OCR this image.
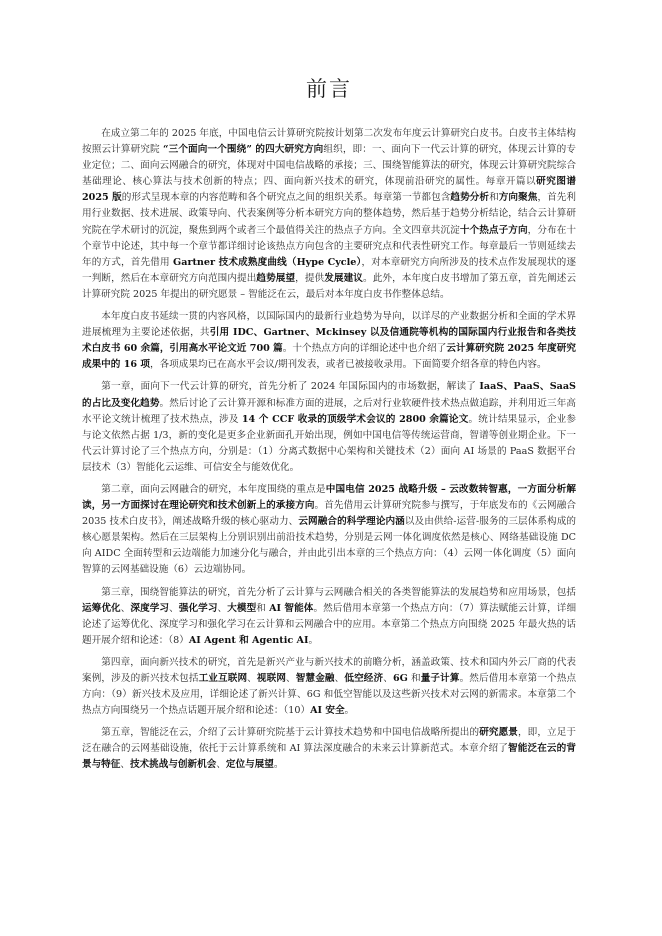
前言

在成立第二年的 2025 年底，中国电信云计算研究院按计划第二次发布年度云计算研究白皮书。白皮书主体结构按照云计算研究院 “三个面向一个围绕” 的四大研究方向组织，即：一、面向下一代云计算的研究，体现云计算的专业定位；二、面向云网融合的研究，体现对中国电信战略的承接；三、围绕智能算法的研究，体现云计算研究院综合基础理论、核心算法与技术创新的特点；四、面向新兴技术的研究，体现前沿研究的属性。每章开篇以研究图谱 2025 版的形式呈现本章的内容范畴和各个研究点之间的组织关系。每章第一节都包含趋势分析和方向聚焦，首先利用行业数据、技术进展、政策导向、代表案例等分析本研究方向的整体趋势，然后基于趋势分析结论，结合云计算研究院在学术研讨的沉淀，聚焦到两个或者三个最值得关注的热点子方向。全文四章共沉淀十个热点子方向，分布在十个章节中论述，其中每一个章节都详细讨论该热点方向包含的主要研究点和代表性研究工作。每章最后一节则延续去年的方式，首先借用 Gartner 技术成熟度曲线（Hype Cycle），对本章研究方向所涉及的技术点作发展现状的逐一判断，然后在本章研究方向范围内提出趋势展望，提供发展建议。此外，本年度白皮书增加了第五章，首先阐述云计算研究院 2025 年提出的研究愿景 – 智能泛在云，最后对本年度白皮书作整体总结。

本年度白皮书延续一贯的内容风格，以国际国内的最新行业趋势为导向，以详尽的产业数据分析和全面的学术界进展梳理为主要论述依据，共引用 IDC、Gartner、Mckinsey 以及信通院等机构的国际国内行业报告和各类技术白皮书 60 余篇，引用高水平论文近 700 篇。十个热点方向的详细论述中也介绍了云计算研究院 2025 年度研究成果中的 16 项，各项成果均已在高水平会议/期刊发表，或者已被接收录用。下面简要介绍各章的特色内容。

第一章，面向下一代云计算的研究，首先分析了 2024 年国际国内的市场数据，解读了 IaaS、PaaS、SaaS 的占比及变化趋势。然后讨论了云计算开源和标准方面的进展，之后对行业软硬件技术热点做追踪，并利用近三年高水平论文统计梳理了技术热点，涉及 14 个 CCF 收录的顶级学术会议的 2800 余篇论文。统计结果显示，企业参与论文依然占据 1/3，新的变化是更多企业新面孔开始出现，例如中国电信等传统运营商，智谱等创业期企业。下一代云计算讨论了三个热点方向，分别是：（1）分离式数据中心架构和关键技术（2）面向 AI 场景的 PaaS 数据平台层技术（3）智能化云运维、可信安全与能效优化。

第二章，面向云网融合的研究，本年度围绕的重点是中国电信 2025 战略升级 – 云改数转智惠，一方面分析解读，另一方面探讨在理论研究和技术创新上的承接方向。首先借用云计算研究院参与撰写，于年底发布的《云网融合 2035 技术白皮书》，阐述战略升级的核心驱动力、云网融合的科学理论内涵以及由供给-运营-服务的三层体系构成的核心愿景架构。然后在三层架构上分别识别出前沿技术趋势，分别是云网一体化调度依然是核心、网络基础设施 DC 向 AIDC 全面转型和云边端能力加速分化与融合，并由此引出本章的三个热点方向：（4）云网一体化调度（5）面向智算的云网基础设施（6）云边端协同。

第三章，围绕智能算法的研究，首先分析了云计算与云网融合相关的各类智能算法的发展趋势和应用场景，包括运筹优化、深度学习、强化学习、大模型和 AI 智能体。然后借用本章第一个热点方向：（7）算法赋能云计算，详细论述了运筹优化、深度学习和强化学习在云计算和云网融合中的应用。本章第二个热点方向围绕 2025 年最火热的话题开展介绍和论述：（8）AI Agent 和 Agentic AI。

第四章，面向新兴技术的研究，首先是新兴产业与新兴技术的前瞻分析，涵盖政策、技术和国内外云厂商的代表案例，涉及的新兴技术包括工业互联网、视联网、智慧金融、低空经济、6G 和量子计算。然后借用本章第一个热点方向：（9）新兴技术及应用，详细论述了新兴计算、6G 和低空智能以及这些新兴技术对云网的新需求。本章第二个热点方向围绕另一个热点话题开展介绍和论述：（10）AI 安全。

第五章，智能泛在云，介绍了云计算研究院基于云计算技术趋势和中国电信战略所提出的研究愿景，即，立足于泛在融合的云网基础设施，依托于云计算系统和 AI 算法深度融合的未来云计算新范式。本章介绍了智能泛在云的背景与特征、技术挑战与创新机会、定位与展望。
